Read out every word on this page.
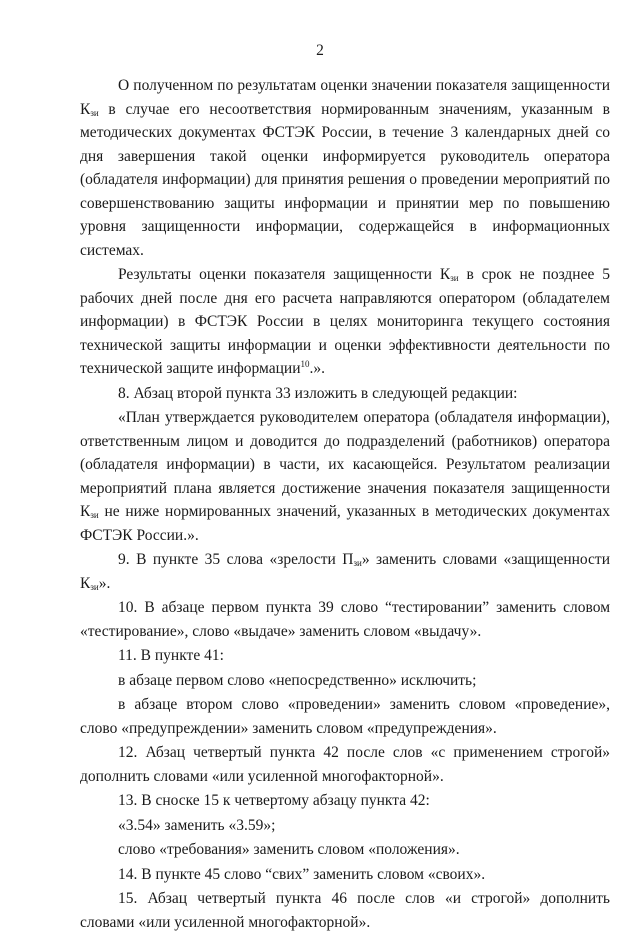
2

О полученном по результатам оценки значении показателя защищенности $К_{зи}$ в случае его несоответствия нормированным значениям, указанным в методических документах ФСТЭК России, в течение 3 календарных дней со дня завершения такой оценки информируется руководитель оператора (обладателя информации) для принятия решения о проведении мероприятий по совершенствованию защиты информации и принятии мер по повышению уровня защищенности информации, содержащейся в информационных системах.

Результаты оценки показателя защищенности $К_{зи}$ в срок не позднее 5 рабочих дней после дня его расчета направляются оператором (обладателем информации) в ФСТЭК России в целях мониторинга текущего состояния технической защиты информации и оценки эффективности деятельности по технической защите информации$^{10}$.».

8. Абзац второй пункта 33 изложить в следующей редакции:

«План утверждается руководителем оператора (обладателя информации), ответственным лицом и доводится до подразделений (работников) оператора (обладателя информации) в части, их касающейся. Результатом реализации мероприятий плана является достижение значения показателя защищенности $К_{зи}$ не ниже нормированных значений, указанных в методических документах ФСТЭК России.».

9. В пункте 35 слова «зрелости $П_{зи}$» заменить словами «защищенности $К_{зи}$».

10. В абзаце первом пункта 39 слово “тестировании” заменить словом «тестирование», слово «выдаче» заменить словом «выдачу».

11. В пункте 41:

в абзаце первом слово «непосредственно» исключить;

в абзаце втором слово «проведении» заменить словом «проведение», слово «предупреждении» заменить словом «предупреждения».

12. Абзац четвертый пункта 42 после слов «с применением строгой» дополнить словами «или усиленной многофакторной».

13. В сноске 15 к четвертому абзацу пункта 42:

«3.54» заменить «3.59»;

слово «требования» заменить словом «положения».

14. В пункте 45 слово “свих” заменить словом «своих».

15. Абзац четвертый пункта 46 после слов «и строгой» дополнить словами «или усиленной многофакторной».
